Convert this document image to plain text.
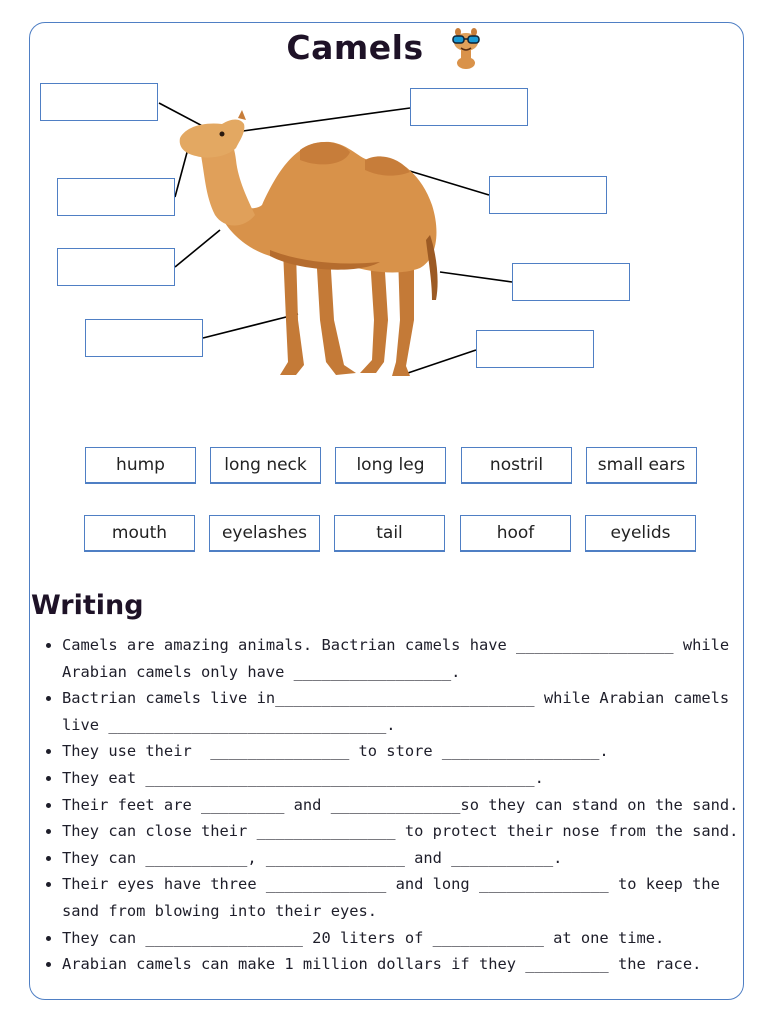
Camels
hump	long neck	long leg	nostril	small ears
mouth	eyelashes	tail	hoof	eyelids
Writing
• Camels are amazing animals. Bactrian camels have _________________ while Arabian camels only have _________________.
• Bactrian camels live in____________________________ while Arabian camels live ______________________________.
• They use their  _______________ to store _________________.
• They eat __________________________________________.
• Their feet are _________ and ______________so they can stand on the sand.
• They can close their _______________ to protect their nose from the sand.
• They can ___________, _______________ and ___________.
• Their eyes have three _____________ and long ______________ to keep the sand from blowing into their eyes.
• They can _________________ 20 liters of ____________ at one time.
• Arabian camels can make 1 million dollars if they _________ the race.
